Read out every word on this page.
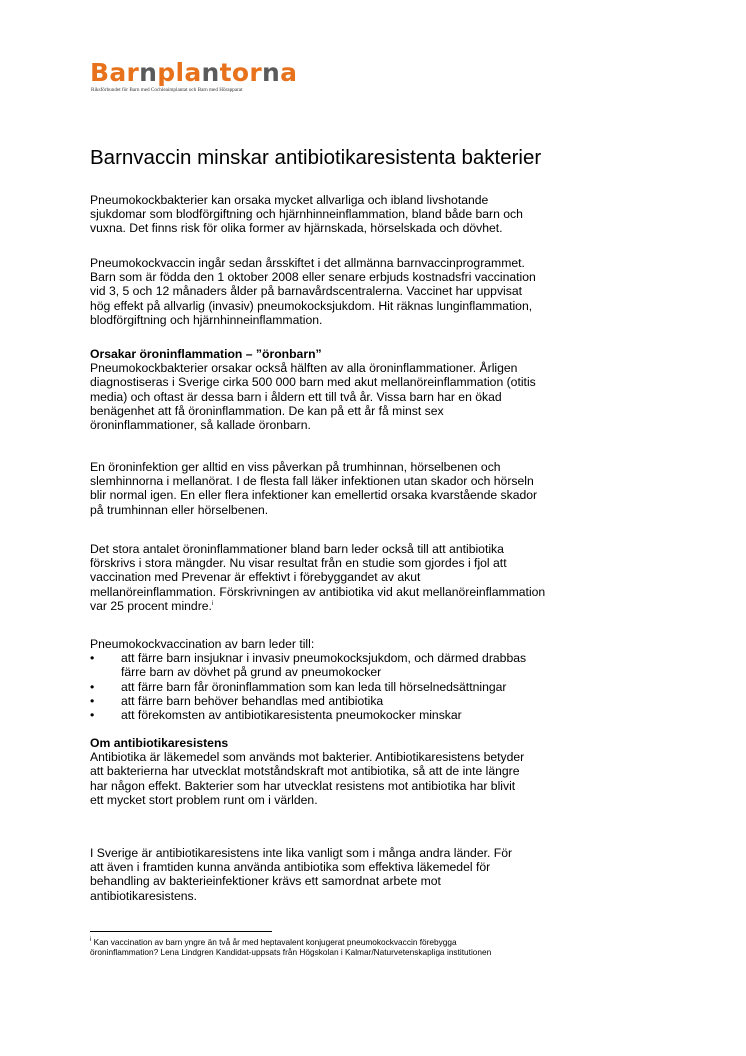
Barnplantorna
Riksförbundet för Barn med Cochleaimplantat och Barn med Hörapparat
Barnvaccin minskar antibiotikaresistenta bakterier

Pneumokockbakterier kan orsaka mycket allvarliga och ibland livshotande

sjukdomar som blodförgiftning och hjärnhinneinflammation, bland både barn och

vuxna. Det finns risk för olika former av hjärnskada, hörselskada och dövhet.

Pneumokockvaccin ingår sedan årsskiftet i det allmänna barnvaccinprogrammet.

Barn som är födda den 1 oktober 2008 eller senare erbjuds kostnadsfri vaccination

vid 3, 5 och 12 månaders ålder på barnavårdscentralerna. Vaccinet har uppvisat

hög effekt på allvarlig (invasiv) pneumokocksjukdom. Hit räknas lunginflammation,

blodförgiftning och hjärnhinneinflammation.

Orsakar öroninflammation – ”öronbarn”

Pneumokockbakterier orsakar också hälften av alla öroninflammationer. Årligen

diagnostiseras i Sverige cirka 500 000 barn med akut mellanöreinflammation (otitis

media) och oftast är dessa barn i åldern ett till två år. Vissa barn har en ökad

benägenhet att få öroninflammation. De kan på ett år få minst sex

öroninflammationer, så kallade öronbarn.

En öroninfektion ger alltid en viss påverkan på trumhinnan, hörselbenen och

slemhinnorna i mellanörat. I de flesta fall läker infektionen utan skador och hörseln

blir normal igen. En eller flera infektioner kan emellertid orsaka kvarstående skador

på trumhinnan eller hörselbenen.

Det stora antalet öroninflammationer bland barn leder också till att antibiotika

förskrivs i stora mängder. Nu visar resultat från en studie som gjordes i fjol att

vaccination med Prevenar är effektivt i förebyggandet av akut

mellanöreinflammation. Förskrivningen av antibiotika vid akut mellanöreinflammation

var 25 procent mindre.$^i$

Pneumokockvaccination av barn leder till:

• att färre barn insjuknar i invasiv pneumokocksjukdom, och därmed drabbas
färre barn av dövhet på grund av pneumokocker
• att färre barn får öroninflammation som kan leda till hörselnedsättningar
• att färre barn behöver behandlas med antibiotika
• att förekomsten av antibiotikaresistenta pneumokocker minskar

Om antibiotikaresistens

Antibiotika är läkemedel som används mot bakterier. Antibiotikaresistens betyder

att bakterierna har utvecklat motståndskraft mot antibiotika, så att de inte längre

har någon effekt. Bakterier som har utvecklat resistens mot antibiotika har blivit

ett mycket stort problem runt om i världen.

I Sverige är antibiotikaresistens inte lika vanligt som i många andra länder. För

att även i framtiden kunna använda antibiotika som effektiva läkemedel för

behandling av bakterieinfektioner krävs ett samordnat arbete mot

antibiotikaresistens.

$^i$ Kan vaccination av barn yngre än två år med heptavalent konjugerat pneumokockvaccin förebygga
öroninflammation? Lena Lindgren Kandidat-uppsats från Högskolan i Kalmar/Naturvetenskapliga institutionen
